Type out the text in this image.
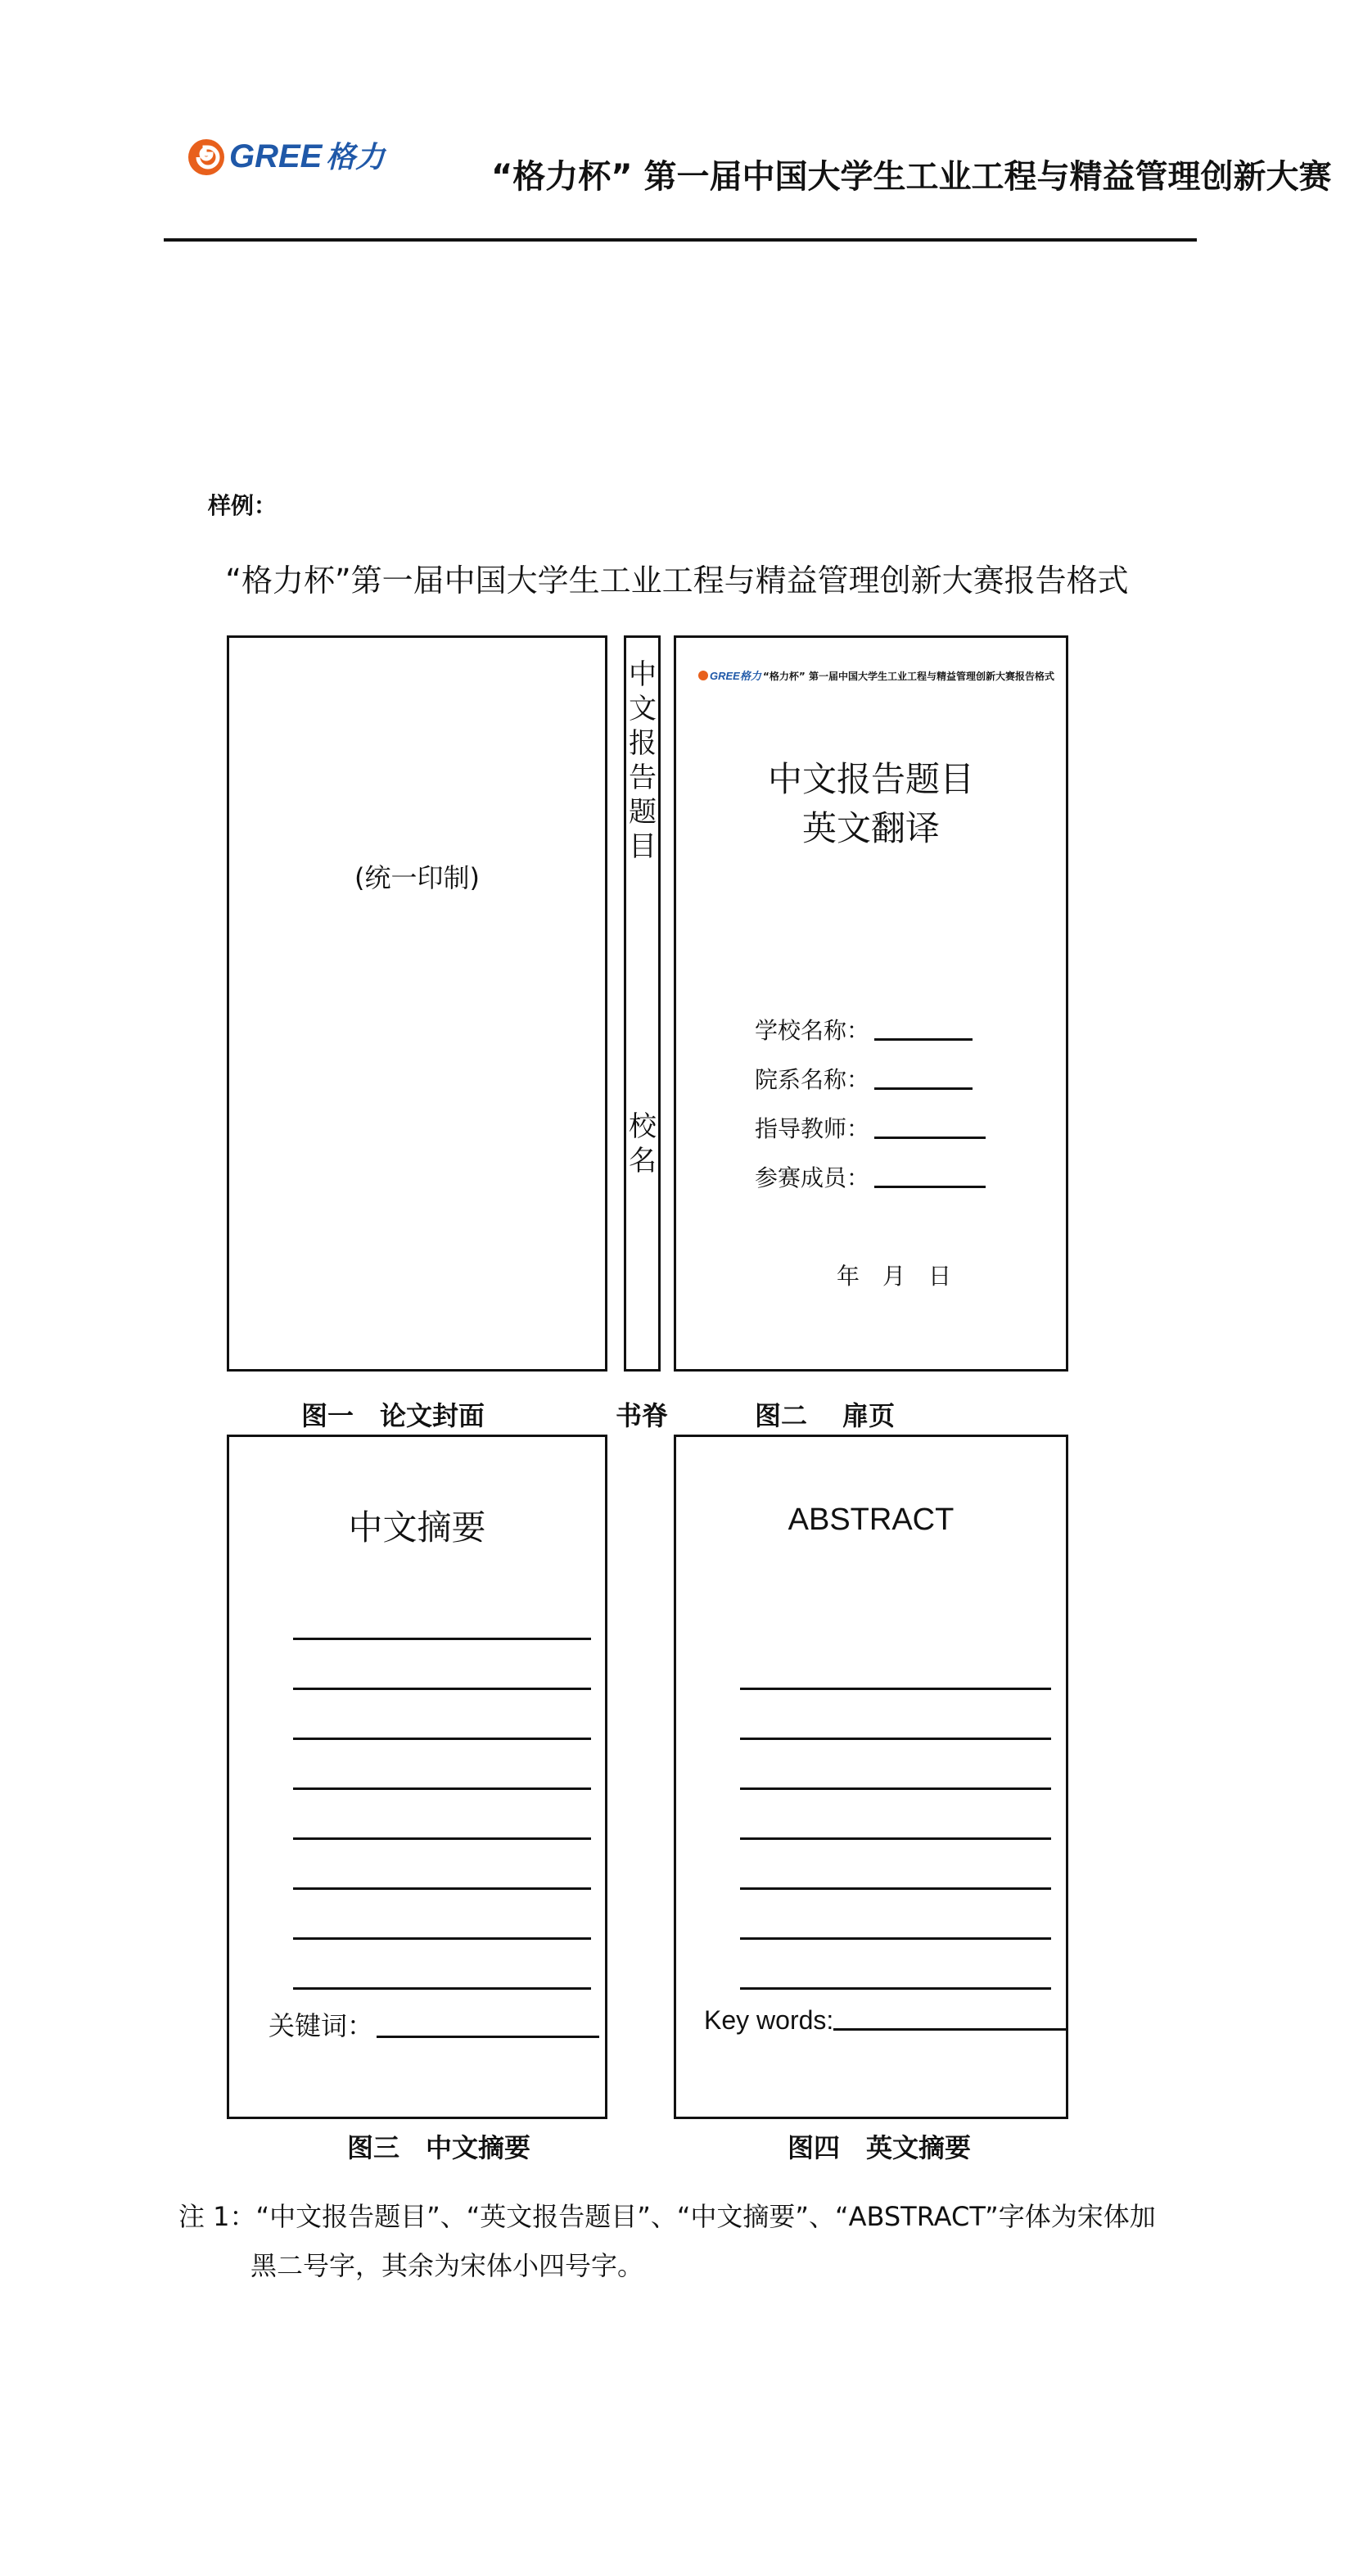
GREE 格力
“格力杯” 第一届中国大学生工业工程与精益管理创新大赛
样例：
“格力杯”第一届中国大学生工业工程与精益管理创新大赛报告格式
(统一印制)
图一　论文封面
中
文
报
告
题
目
校
名
书脊
GREE格力 “格力杯” 第一届中国大学生工业工程与精益管理创新大赛报告格式
中文报告题目
英文翻译
学校名称：
院系名称：
指导教师：
参赛成员：
年　月　日
图二　 扉页
中文摘要
关键词：
图三　中文摘要
ABSTRACT
Key words:
图四　英文摘要
注 1：“中文报告题目”、“英文报告题目”、“中文摘要”、“ABSTRACT”字体为宋体加
黑二号字，其余为宋体小四号字。
